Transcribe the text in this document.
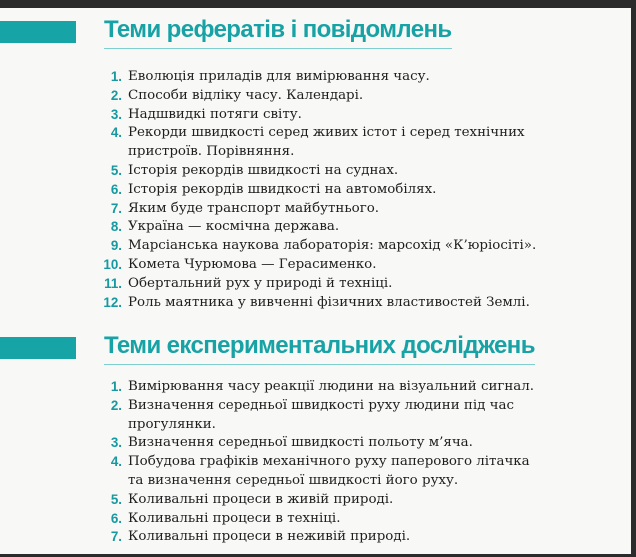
Теми рефератів і повідомлень
1. Еволюція приладів для вимірювання часу.
2. Способи відліку часу. Календарі.
3. Надшвидкі потяги світу.
4. Рекорди швидкості серед живих істот і серед технічних
пристроїв. Порівняння.
5. Історія рекордів швидкості на суднах.
6. Історія рекордів швидкості на автомобілях.
7. Яким буде транспорт майбутнього.
8. Україна — космічна держава.
9. Марсіанська наукова лабораторія: марсохід «К’юріосіті».
10. Комета Чурюмова — Герасименко.
11. Обертальний рух у природі й техніці.
12. Роль маятника у вивченні фізичних властивостей Землі.
Теми експериментальних досліджень
1. Вимірювання часу реакції людини на візуальний сигнал.
2. Визначення середньої швидкості руху людини під час
прогулянки.
3. Визначення середньої швидкості польоту м’яча.
4. Побудова графіків механічного руху паперового літачка
та визначення середньої швидкості його руху.
5. Коливальні процеси в живій природі.
6. Коливальні процеси в техніці.
7. Коливальні процеси в неживій природі.
